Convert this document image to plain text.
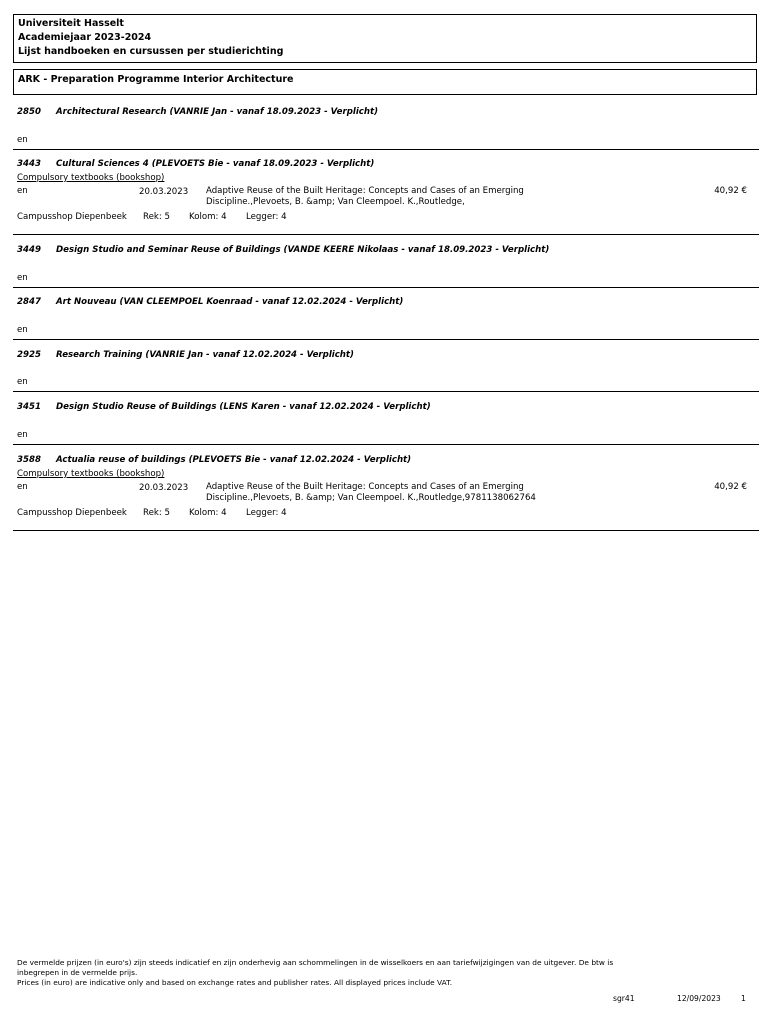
Universiteit Hasselt
Academiejaar 2023-2024
Lijst handboeken en cursussen per studierichting
ARK - Preparation Programme Interior Architecture
2850 Architectural Research (VANRIE Jan - vanaf 18.09.2023 - Verplicht)
en
3443 Cultural Sciences 4 (PLEVOETS Bie - vanaf 18.09.2023 - Verplicht)
Compulsory textbooks (bookshop)
en	20.03.2023 Adaptive Reuse of the Built Heritage: Concepts and Cases of an Emerging Discipline.,Plevoets, B. &amp; Van Cleempoel. K.,Routledge,
40,92 €
Campusshop Diepenbeek Rek: 5 Kolom: 4 Legger: 4
3449 Design Studio and Seminar Reuse of Buildings (VANDE KEERE Nikolaas - vanaf 18.09.2023 - Verplicht)
en
2847 Art Nouveau (VAN CLEEMPOEL Koenraad - vanaf 12.02.2024 - Verplicht)
en
2925 Research Training (VANRIE Jan - vanaf 12.02.2024 - Verplicht)
en
3451 Design Studio Reuse of Buildings (LENS Karen - vanaf 12.02.2024 - Verplicht)
en
3588 Actualia reuse of buildings (PLEVOETS Bie - vanaf 12.02.2024 - Verplicht)
Compulsory textbooks (bookshop)
en	20.03.2023 Adaptive Reuse of the Built Heritage: Concepts and Cases of an Emerging Discipline.,Plevoets, B. &amp; Van Cleempoel. K.,Routledge,9781138062764
40,92 €
Campusshop Diepenbeek Rek: 5 Kolom: 4 Legger: 4
De vermelde prijzen (in euro's) zijn steeds indicatief en zijn onderhevig aan schommelingen in de wisselkoers en aan tariefwijzigingen van de uitgever. De btw is inbegrepen in de vermelde prijs.
Prices (in euro) are indicative only and based on exchange rates and publisher rates. All displayed prices include VAT.
sgr41	12/09/2023	1
